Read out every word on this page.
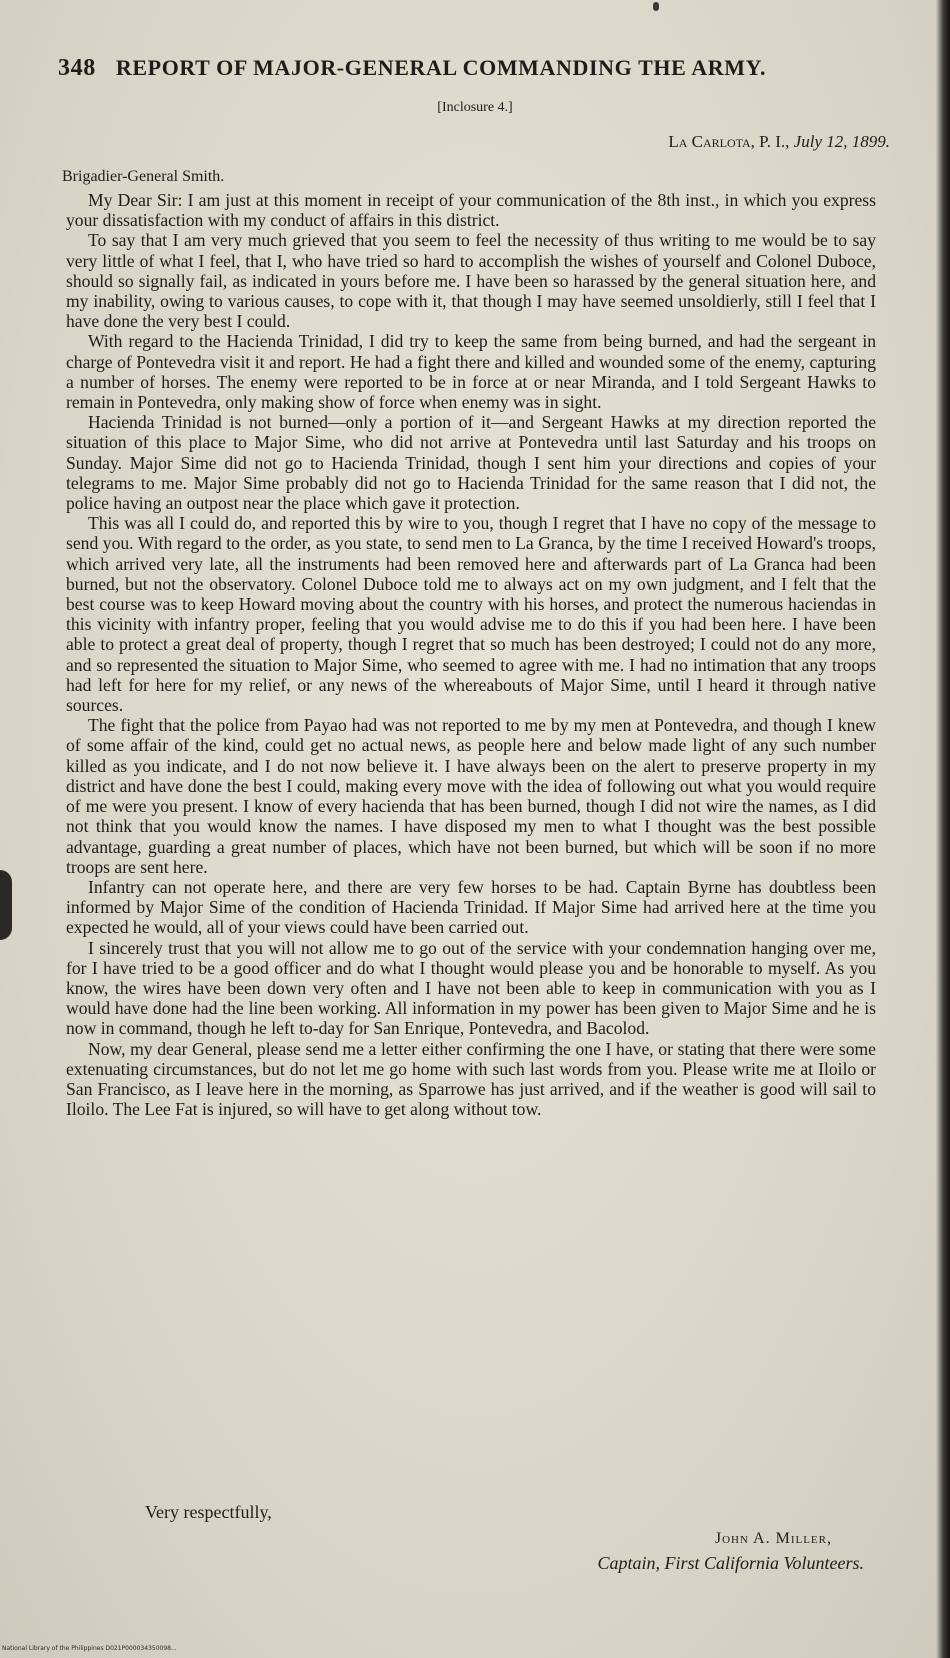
348 REPORT OF MAJOR-GENERAL COMMANDING THE ARMY.
[Inclosure 4.]
La Carlota, P. I., July 12, 1899.
Brigadier-General Smith.

My Dear Sir: I am just at this moment in receipt of your communication of the 8th inst., in which you express your dissatisfaction with my conduct of affairs in this district.

To say that I am very much grieved that you seem to feel the necessity of thus writing to me would be to say very little of what I feel, that I, who have tried so hard to accomplish the wishes of yourself and Colonel Duboce, should so signally fail, as indicated in yours before me. I have been so harassed by the general situation here, and my inability, owing to various causes, to cope with it, that though I may have seemed unsoldierly, still I feel that I have done the very best I could.

With regard to the Hacienda Trinidad, I did try to keep the same from being burned, and had the sergeant in charge of Pontevedra visit it and report. He had a fight there and killed and wounded some of the enemy, capturing a number of horses. The enemy were reported to be in force at or near Miranda, and I told Sergeant Hawks to remain in Pontevedra, only making show of force when enemy was in sight.

Hacienda Trinidad is not burned—only a portion of it—and Sergeant Hawks at my direction reported the situation of this place to Major Sime, who did not arrive at Pontevedra until last Saturday and his troops on Sunday. Major Sime did not go to Hacienda Trinidad, though I sent him your directions and copies of your telegrams to me. Major Sime probably did not go to Hacienda Trinidad for the same reason that I did not, the police having an outpost near the place which gave it protection.

This was all I could do, and reported this by wire to you, though I regret that I have no copy of the message to send you. With regard to the order, as you state, to send men to La Granca, by the time I received Howard's troops, which arrived very late, all the instruments had been removed here and afterwards part of La Granca had been burned, but not the observatory. Colonel Duboce told me to always act on my own judgment, and I felt that the best course was to keep Howard moving about the country with his horses, and protect the numerous haciendas in this vicinity with infantry proper, feeling that you would advise me to do this if you had been here. I have been able to protect a great deal of property, though I regret that so much has been destroyed; I could not do any more, and so represented the situation to Major Sime, who seemed to agree with me. I had no intimation that any troops had left for here for my relief, or any news of the whereabouts of Major Sime, until I heard it through native sources.

The fight that the police from Payao had was not reported to me by my men at Pontevedra, and though I knew of some affair of the kind, could get no actual news, as people here and below made light of any such number killed as you indicate, and I do not now believe it. I have always been on the alert to preserve property in my district and have done the best I could, making every move with the idea of following out what you would require of me were you present. I know of every hacienda that has been burned, though I did not wire the names, as I did not think that you would know the names. I have disposed my men to what I thought was the best possible advantage, guarding a great number of places, which have not been burned, but which will be soon if no more troops are sent here.

Infantry can not operate here, and there are very few horses to be had. Captain Byrne has doubtless been informed by Major Sime of the condition of Hacienda Trinidad. If Major Sime had arrived here at the time you expected he would, all of your views could have been carried out.

I sincerely trust that you will not allow me to go out of the service with your condemnation hanging over me, for I have tried to be a good officer and do what I thought would please you and be honorable to myself. As you know, the wires have been down very often and I have not been able to keep in communication with you as I would have done had the line been working. All information in my power has been given to Major Sime and he is now in command, though he left to-day for San Enrique, Pontevedra, and Bacolod.

Now, my dear General, please send me a letter either confirming the one I have, or stating that there were some extenuating circumstances, but do not let me go home with such last words from you. Please write me at Iloilo or San Francisco, as I leave here in the morning, as Sparrowe has just arrived, and if the weather is good will sail to Iloilo. The Lee Fat is injured, so will have to get along without tow.

Very respectfully,
John A. Miller,
Captain, First California Volunteers.
National Library of the Philippines D021P000034350098...
